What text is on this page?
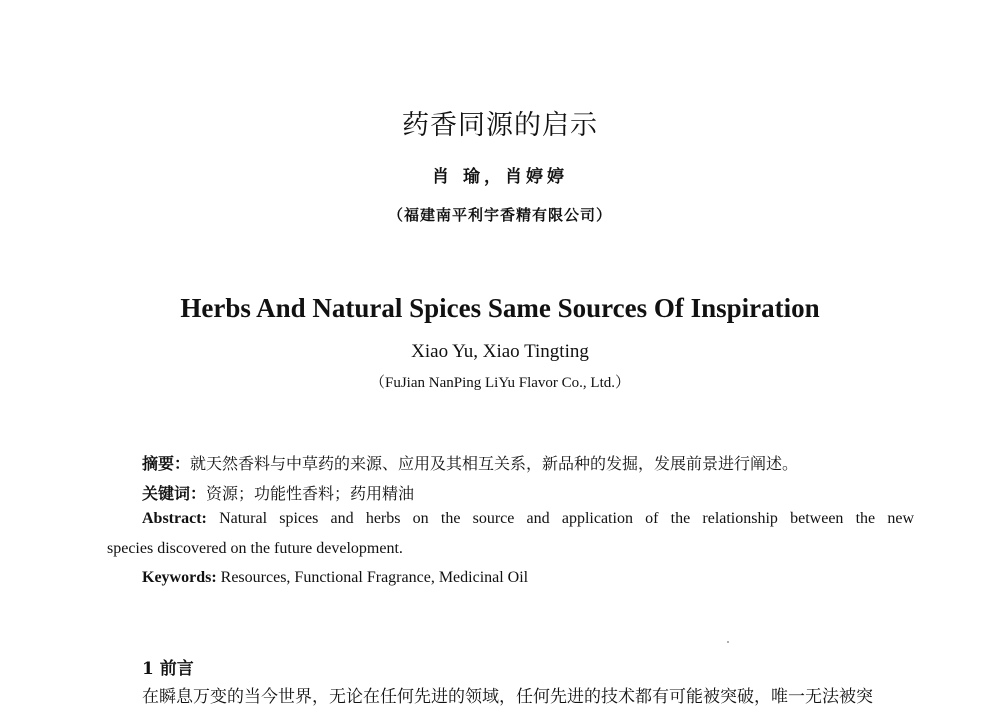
药香同源的启示
肖 瑜，肖婷婷
（福建南平利宇香精有限公司）
Herbs And Natural Spices Same Sources Of Inspiration
Xiao Yu, Xiao Tingting
（FuJian NanPing LiYu Flavor Co., Ltd.）
摘要：就天然香料与中草药的来源、应用及其相互关系，新品种的发掘，发展前景进行阐述。
关键词：资源；功能性香料；药用精油
Abstract: Natural spices and herbs on the source and application of the relationship between the new
species discovered on the future development.
Keywords: Resources, Functional Fragrance, Medicinal Oil
1 前言
在瞬息万变的当今世界，无论在任何先进的领域，任何先进的技术都有可能被突破，唯一无法被突
